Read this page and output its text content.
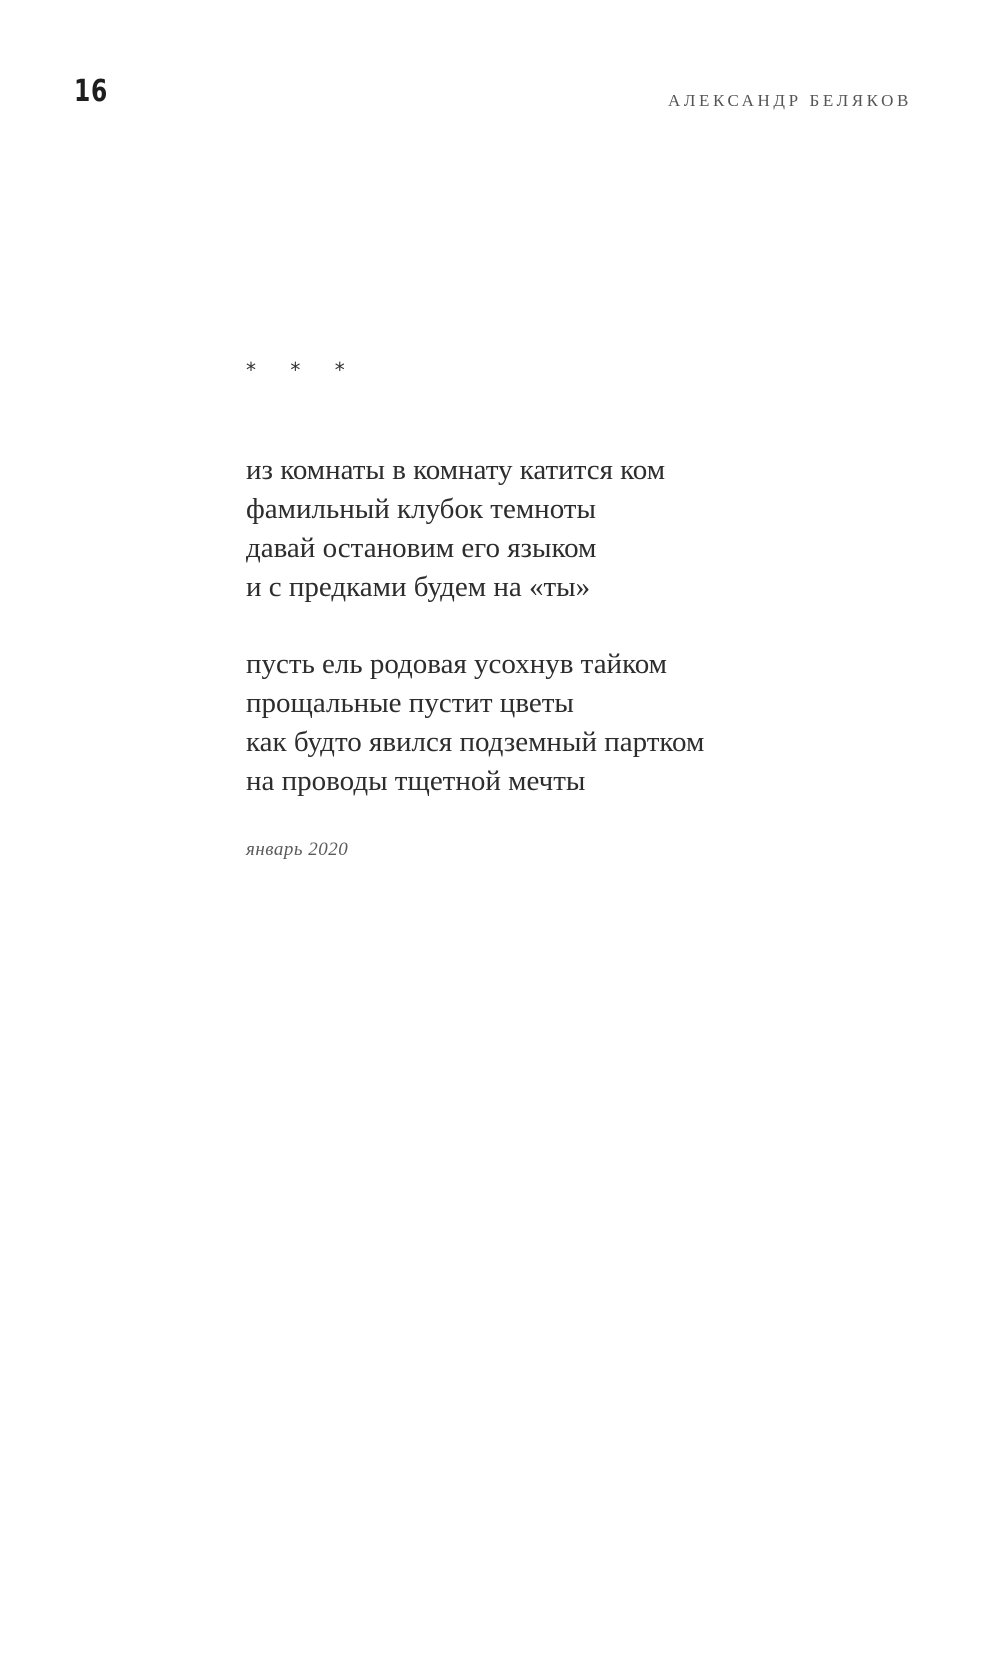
16	АЛЕКСАНДР БЕЛЯКОВ
* * *
из комнаты в комнату катится ком
фамильный клубок темноты
давай остановим его языком
и с предками будем на «ты»
пусть ель родовая усохнув тайком
прощальные пустит цветы
как будто явился подземный партком
на проводы тщетной мечты
январь 2020
